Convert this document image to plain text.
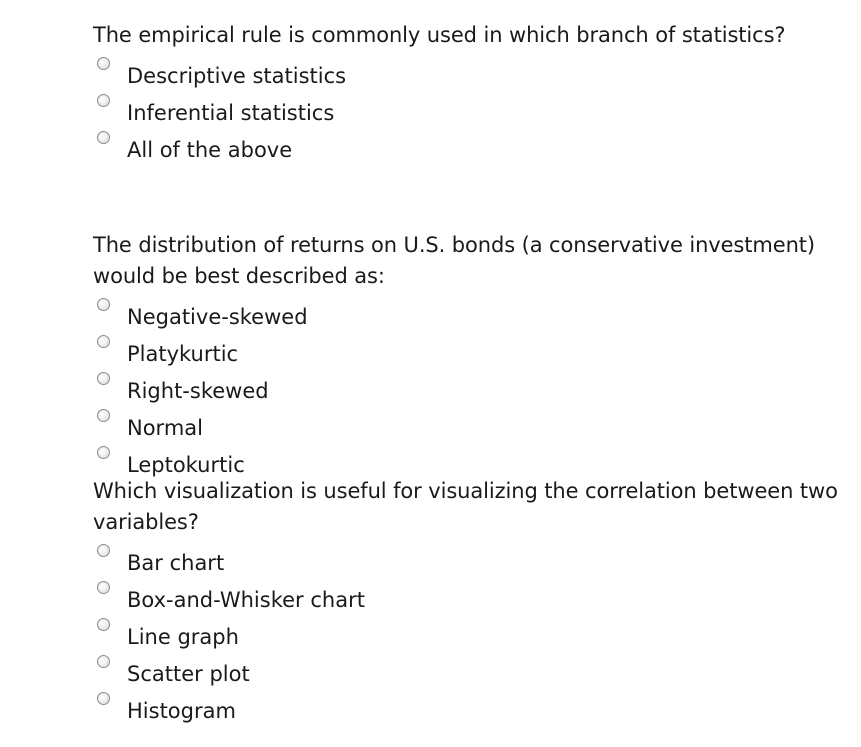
The empirical rule is commonly used in which branch of statistics?

Descriptive statistics
Inferential statistics
All of the above

The distribution of returns on U.S. bonds (a conservative investment) would be best described as:

Negative-skewed
Platykurtic
Right-skewed
Normal
Leptokurtic

Which visualization is useful for visualizing the correlation between two variables?

Bar chart
Box-and-Whisker chart
Line graph
Scatter plot
Histogram
